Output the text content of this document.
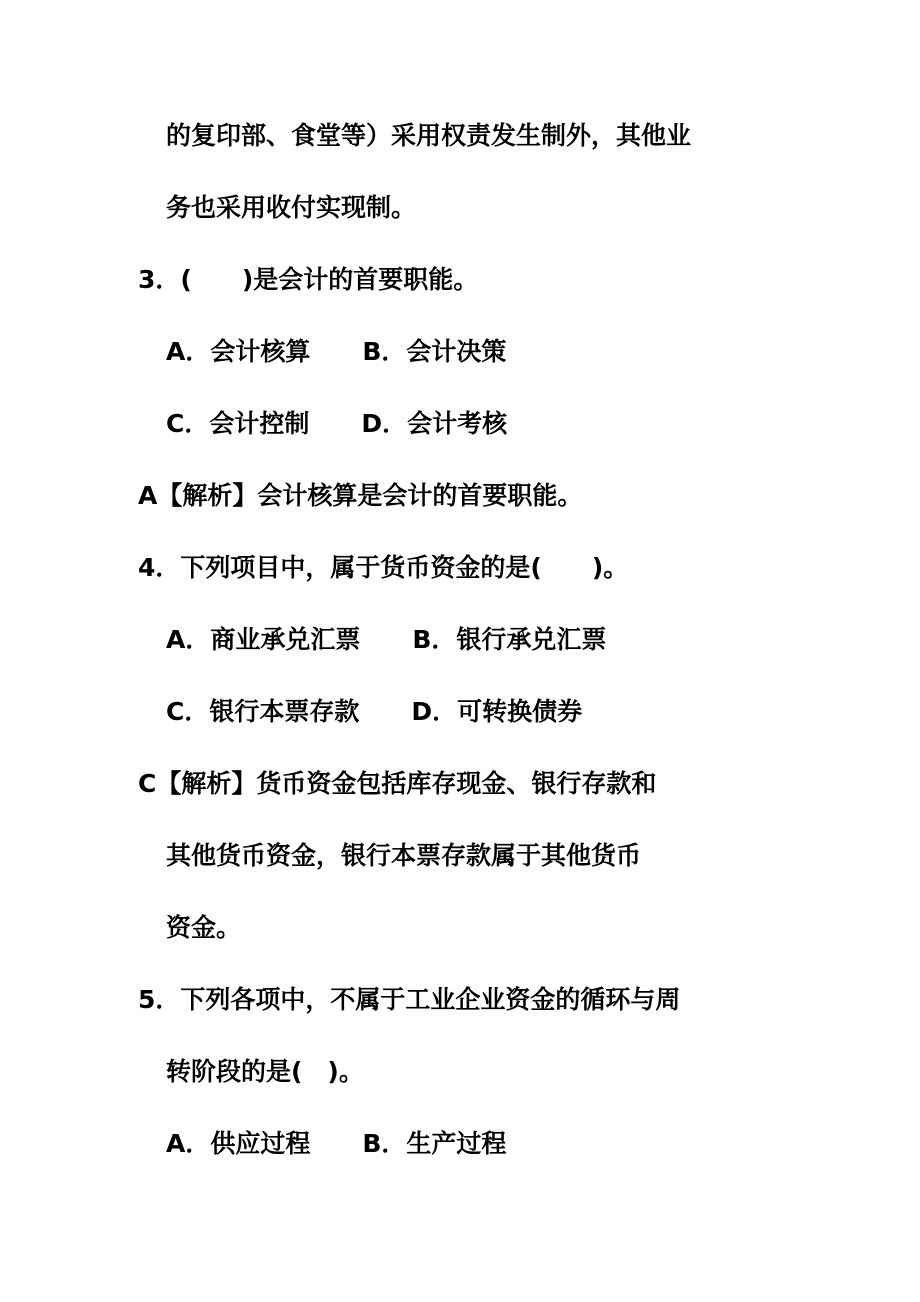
的复印部、食堂等）采用权责发生制外，其他业
务也采用收付实现制。
3．(　　)是会计的首要职能。
A．会计核算 B．会计决策
C．会计控制 D．会计考核
A【解析】会计核算是会计的首要职能。
4．下列项目中，属于货币资金的是(　　)。
A．商业承兑汇票 B．银行承兑汇票
C．银行本票存款 D．可转换债券
C【解析】货币资金包括库存现金、银行存款和
其他货币资金，银行本票存款属于其他货币
资金。
5．下列各项中，不属于工业企业资金的循环与周
转阶段的是(　)。
A．供应过程 B．生产过程
